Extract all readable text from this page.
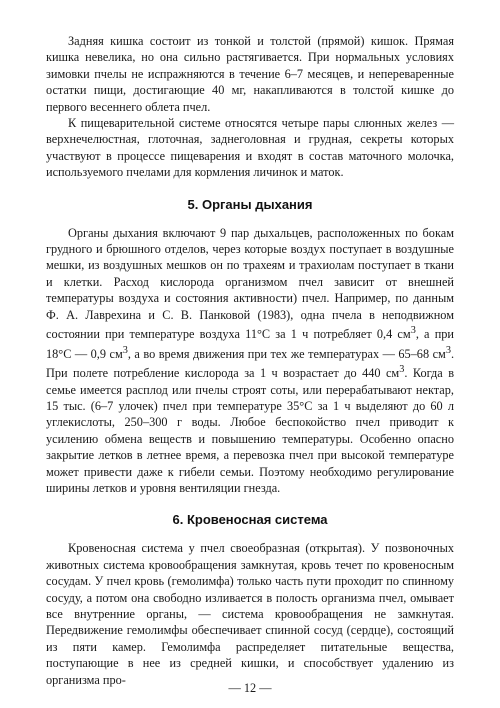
Задняя кишка состоит из тонкой и толстой (прямой) кишок. Прямая кишка невелика, но она сильно растягивается. При нормальных условиях зимовки пчелы не испражняются в течение 6–7 месяцев, и непереваренные остатки пищи, достигающие 40 мг, накапливаются в толстой кишке до первого весеннего облета пчел.

К пищеварительной системе относятся четыре пары слюнных желез — верхнечелюстная, глоточная, заднеголовная и грудная, секреты которых участвуют в процессе пищеварения и входят в состав маточного молочка, используемого пчелами для кормления личинок и маток.

5. Органы дыхания

Органы дыхания включают 9 пар дыхальцев, расположенных по бокам грудного и брюшного отделов, через которые воздух поступает в воздушные мешки, из воздушных мешков он по трахеям и трахиолам поступает в ткани и клетки. Расход кислорода организмом пчел зависит от внешней температуры воздуха и состояния активности) пчел. Например, по данным Ф. А. Лаврехина и С. В. Панковой (1983), одна пчела в неподвижном состоянии при температуре воздуха 11°С за 1 ч потребляет 0,4 $см^3$, а при 18°С — 0,9 $см^3$, а во время движения при тех же температурах — 65–68 $см^3$. При полете потребление кислорода за 1 ч возрастает до 440 $см^3$. Когда в семье имеется расплод или пчелы строят соты, или перерабатывают нектар, 15 тыс. (6–7 улочек) пчел при температуре 35°С за 1 ч выделяют до 60 л углекислоты, 250–300 г воды. Любое беспокойство пчел приводит к усилению обмена веществ и повышению температуры. Особенно опасно закрытие летков в летнее время, а перевозка пчел при высокой температуре может привести даже к гибели семьи. Поэтому необходимо регулирование ширины летков и уровня вентиляции гнезда.

6. Кровеносная система

Кровеносная система у пчел своеобразная (открытая). У позвоночных животных система кровообращения замкнутая, кровь течет по кровеносным сосудам. У пчел кровь (гемолимфа) только часть пути проходит по спинному сосуду, а потом она свободно изливается в полость организма пчел, омывает все внутренние органы, — система кровообращения не замкнутая. Передвижение гемолимфы обеспечивает спинной сосуд (сердце), состоящий из пяти камер. Гемолимфа распределяет питательные вещества, поступающие в нее из средней кишки, и способствует удалению из организма про-

— 12 —
